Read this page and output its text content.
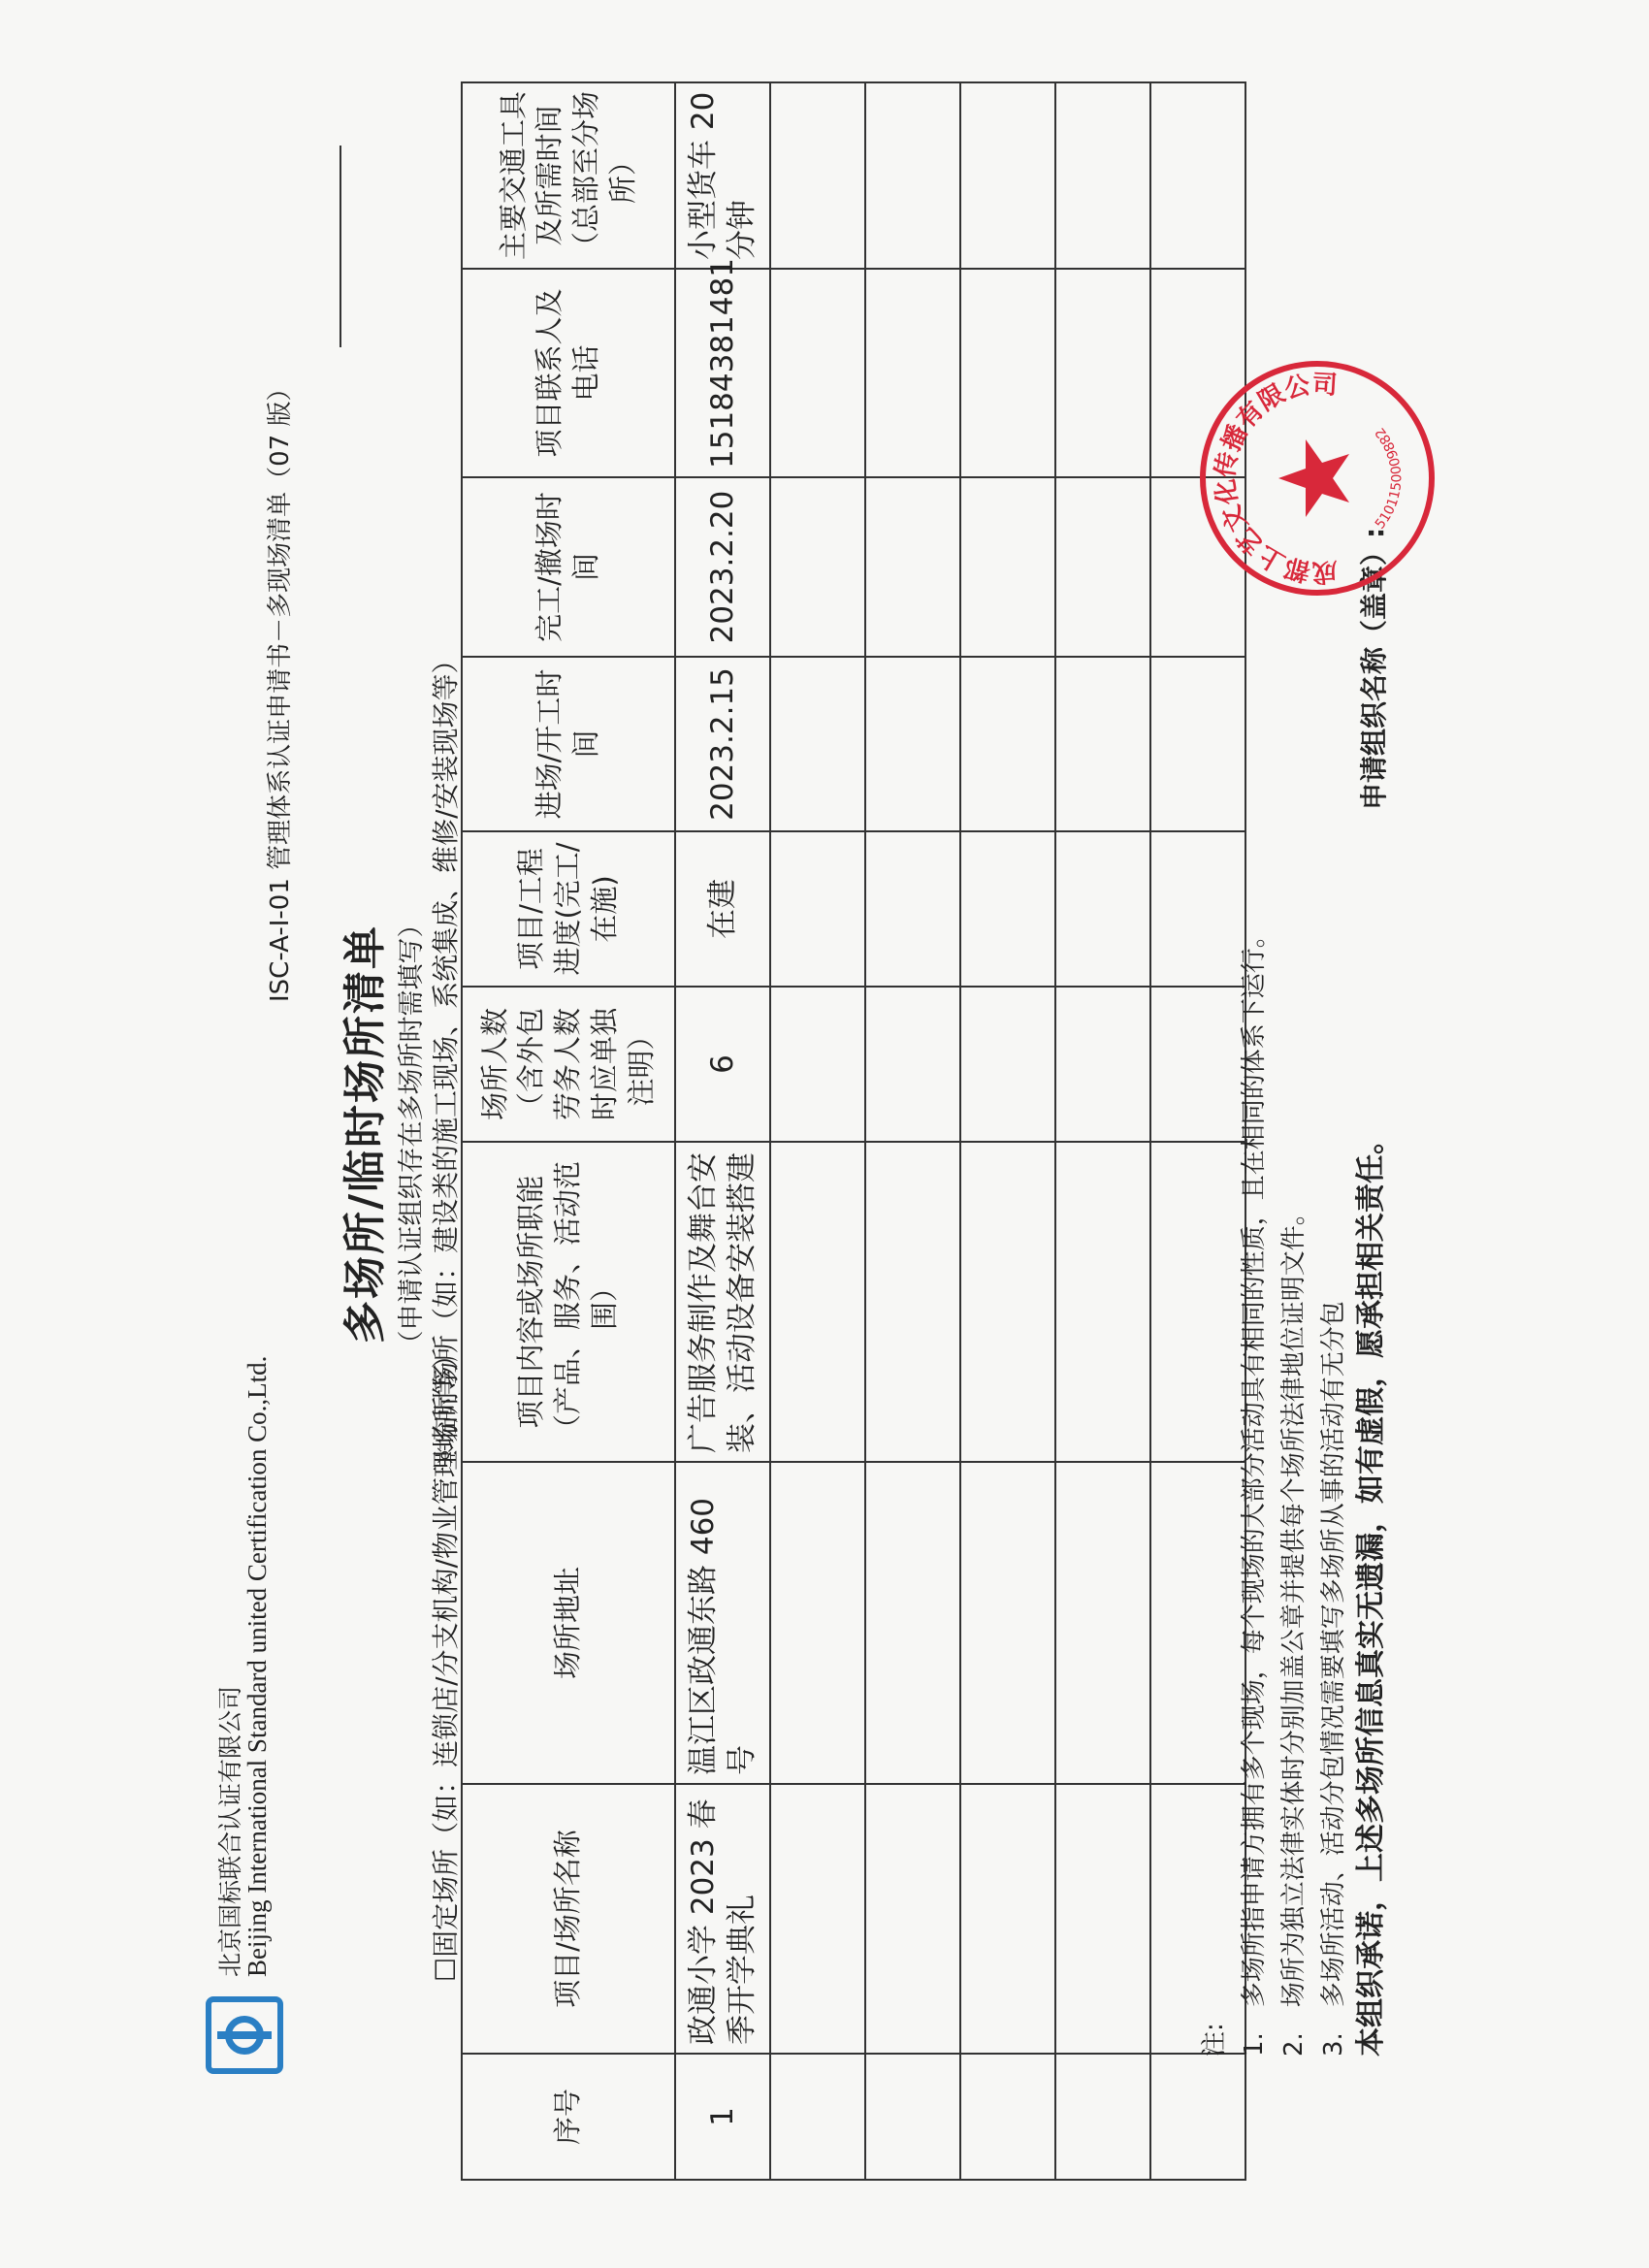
北京国标联合认证有限公司
Beijing International Standard united Certification Co.,Ltd.
ISC-A-I-01 管理体系认证申请书－多现场清单（07 版）
多场所/临时场所清单 （申请认证组织存在多场所时需填写）
☐固定场所（如：连锁店/分支机构/物业管理场所等）
☼临时场所（如：建设类的施工现场、系统集成、维修/安装现场等）
序号	项目/场所名称	场所地址	项目内容或场所职能（产品、服务、活动范围）	场所人数（含外包劳务人数时应单独注明）	项目/工程进度(完工/在施)	进场/开工时间	完工/撤场时间	项目联系人及电话	主要交通工具及所需时间（总部至分场所）
1	政通小学 2023 春季开学典礼	温江区政通东路 460 号	广告服务制作及舞台安装、活动设备安装搭建	6	在建	2023.2.15	2023.2.20	15184381481	小型货车 20 分钟

注: 1.　多场所指申请方拥有多个现场，每个现场的大部分活动具有相同的性质，且在相同的体系下运行。 2.　场所为独立法律实体时分别加盖公章并提供每个场所法律地位证明文件。 3.　多场所活动、活动分包情况需要填写多场所从事的活动有无分包 本组织承诺，上述多场所信息真实无遗漏，如有虚假，愿承担相关责任。
申请组织名称（盖章）:
成都上艺文化传播有限公司
5101150009882
